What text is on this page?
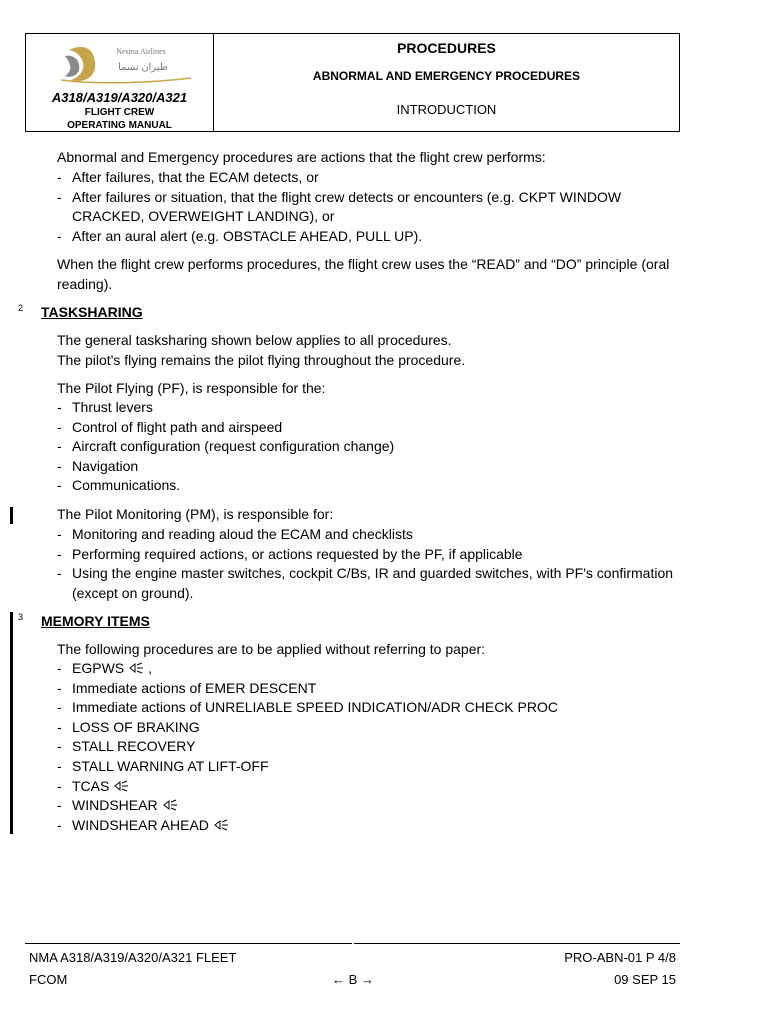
Nesma Airlines
ﻃﻴﺮان ﻧﺴﻤﺎ
A318/A319/A320/A321
FLIGHT CREW
OPERATING MANUAL
PROCEDURES
ABNORMAL AND EMERGENCY PROCEDURES
INTRODUCTION

Abnormal and Emergency procedures are actions that the flight crew performs:

- After failures, that the ECAM detects, or
- After failures or situation, that the flight crew detects or encounters (e.g. CKPT WINDOW CRACKED, OVERWEIGHT LANDING), or
- After an aural alert (e.g. OBSTACLE AHEAD, PULL UP).

When the flight crew performs procedures, the flight crew uses the “READ” and “DO” principle (oral reading).

2 TASKSHARING

The general tasksharing shown below applies to all procedures.

The pilot's flying remains the pilot flying throughout the procedure.

The Pilot Flying (PF), is responsible for the:

- Thrust levers
- Control of flight path and airspeed
- Aircraft configuration (request configuration change)
- Navigation
- Communications.

The Pilot Monitoring (PM), is responsible for:

- Monitoring and reading aloud the ECAM and checklists
- Performing required actions, or actions requested by the PF, if applicable
- Using the engine master switches, cockpit C/Bs, IR and guarded switches, with PF's confirmation (except on ground).
3 MEMORY ITEMS

The following procedures are to be applied without referring to paper:

- EGPWS ,
- Immediate actions of EMER DESCENT
- Immediate actions of UNRELIABLE SPEED INDICATION/ADR CHECK PROC
- LOSS OF BRAKING
- STALL RECOVERY
- STALL WARNING AT LIFT-OFF
- TCAS
- WINDSHEAR
- WINDSHEAR AHEAD
NMA A318/A319/A320/A321 FLEET
FCOM	← B →
PRO-ABN-01 P 4/8
09 SEP 15
